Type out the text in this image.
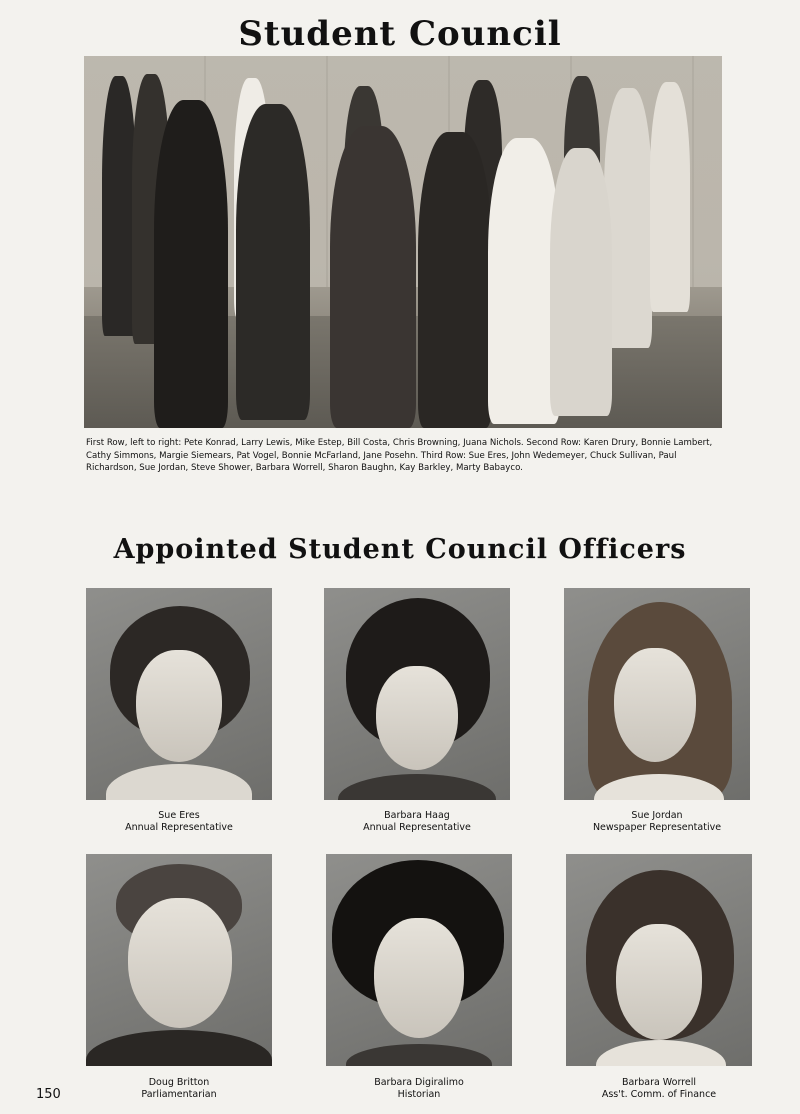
Student Council
First Row, left to right: Pete Konrad, Larry Lewis, Mike Estep, Bill Costa, Chris Browning, Juana Nichols. Second Row: Karen Drury, Bonnie Lambert, Cathy Simmons, Margie Siemears, Pat Vogel, Bonnie McFarland, Jane Posehn. Third Row: Sue Eres, John Wedemeyer, Chuck Sullivan, Paul Richardson, Sue Jordan, Steve Shower, Barbara Worrell, Sharon Baughn, Kay Barkley, Marty Babayco.
Appointed Student Council Officers
Sue Eres
Annual Representative
Barbara Haag
Annual Representative
Sue Jordan
Newspaper Representative
Doug Britton
Parliamentarian
Barbara Digiralimo
Historian
Barbara Worrell
Ass't. Comm. of Finance
150
